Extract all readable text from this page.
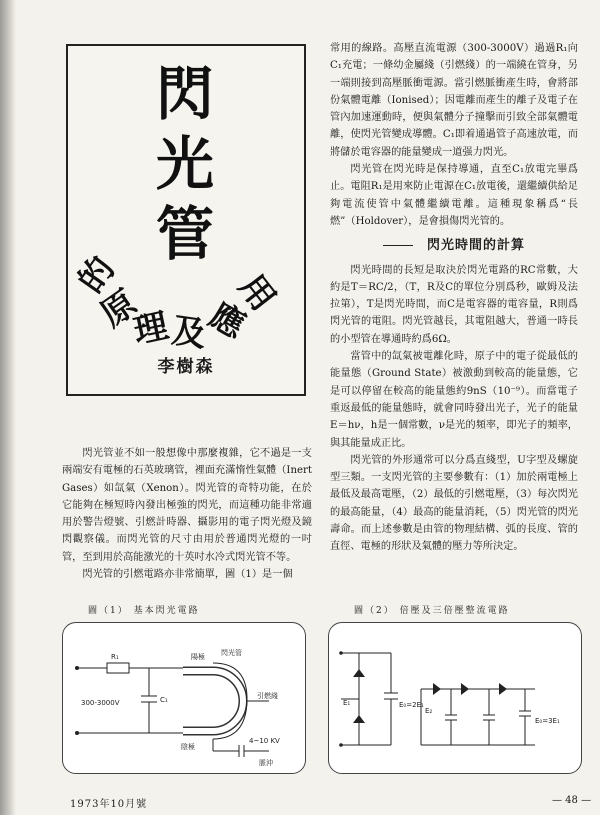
閃
光
管
的
原
理
及
應
用
李樹森

常用的線路。高壓直流電源（300-3000V）過過R₁向C₁充電；一條幼金屬綫（引燃綫）的一端繞在管身，另一端則接到高壓脈衝電源。當引燃脈衝產生時，會將部份氣體電離（Ionised）；因電離而產生的離子及電子在管內加速運動時，便與氣體分子撞擊而引致全部氣體電離，使閃光管變成導體。C₁即着通過管子高速放電，而將儲於電容器的能量變成一道强力閃光。

閃光管在閃光時是保持導通，直至C₁放電完畢爲止。電阻R₁是用來防止電源在C₁放電後，還繼續供給足夠電流使管中氣體繼續電離。這種現象稱爲“長燃”（Holdover），是會損傷閃光管的。

閃光時間的計算

閃光時間的長短是取決於閃光電路的RC常數，大約是T＝RC/2，（T，R及C的單位分別爲秒，歐姆及法拉第），T是閃光時間，而C是電容器的電容量，R則爲閃光管的電阻。閃光管越長，其電阻越大，普通一時長的小型管在導通時約爲6Ω。

當管中的氙氣被電離化時，原子中的電子從最低的能量態（Ground State）被激動到較高的能量態，它是可以停留在較高的能量態約9nS（10⁻⁹）。而當電子重返最低的能量態時，就會同時發出光子，光子的能量E＝hν，h是一個常數，ν是光的頻率，即光子的頻率，與其能量成正比。

閃光管的外形通常可以分爲直綫型，U字型及螺旋型三類。一支閃光管的主要參數有：（1）加於兩電極上最低及最高電壓，（2）最低的引燃電壓，（3）每次閃光的最高能量，（4）最高的能量消耗，（5）閃光管的閃光壽命。而上述參數是由管的物理結構、弧的長度、管的直徑、電極的形狀及氣體的壓力等所決定。

閃光管並不如一般想像中那麼複雜，它不過是一支兩端安有電極的石英玻璃管，裡面充滿惰性氣體（Inert Gases）如氙氣（Xenon）。閃光管的奇特功能，在於它能夠在極短時內發出極強的閃光，而這種功能非常適用於警告燈號、引燃計時器、攝影用的電子閃光燈及鏡閃觀察儀。而閃光管的尺寸由用於普通閃光燈的一吋管，至到用於高能激光的十英吋水冷式閃光管不等。

閃光管的引燃電路亦非常簡單，圖（1）是一個

圖（1） 基本閃光電路	圖（2） 倍壓及三倍壓整流電路
R₁
C₁
300-3000V
陽極 閃光管
引燃綫
陰極
4~10 KV
脈沖
E₁	E₀=2E₁
E₂
E₀=3E₁
1973年10月號	— 48 —
